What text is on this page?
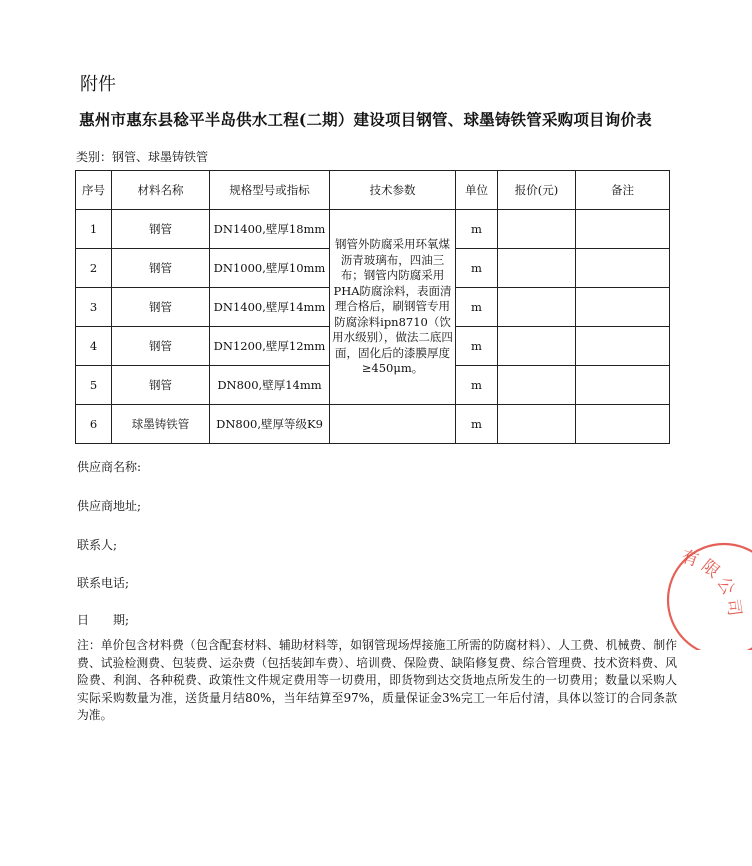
附件
惠州市惠东县稔平半岛供水工程(二期）建设项目钢管、球墨铸铁管采购项目询价表
类别：钢管、球墨铸铁管
序号	材料名称	规格型号或指标	技术参数	单位	报价(元)	备注
1	钢管	DN1400,壁厚18mm	钢管外防腐采用环氧煤沥青玻璃布，四油三布；钢管内防腐采用PHA防腐涂料，表面清理合格后，刷钢管专用防腐涂料ipn8710（饮用水级别），做法二底四面，固化后的漆膜厚度≥450μm。	m		
2	钢管	DN1000,壁厚10mm		m		
3	钢管	DN1400,壁厚14mm		m		
4	钢管	DN1200,壁厚12mm		m		
5	钢管	DN800,壁厚14mm		m		
6	球墨铸铁管	DN800,壁厚等级K9		m		
供应商名称:
供应商地址;
联系人;
联系电话;
日　　期;
注：单价包含材料费（包含配套材料、辅助材料等，如钢管现场焊接施工所需的防腐材料）、人工费、机械费、制作费、试验检测费、包装费、运杂费（包括装卸车费）、培训费、保险费、缺陷修复费、综合管理费、技术资料费、风险费、利润、各种税费、政策性文件规定费用等一切费用，即货物到达交货地点所发生的一切费用；数量以采购人实际采购数量为准，送货量月结80%，当年结算至97%，质量保证金3%完工一年后付清，具体以签订的合同条款为准。
有限公司
